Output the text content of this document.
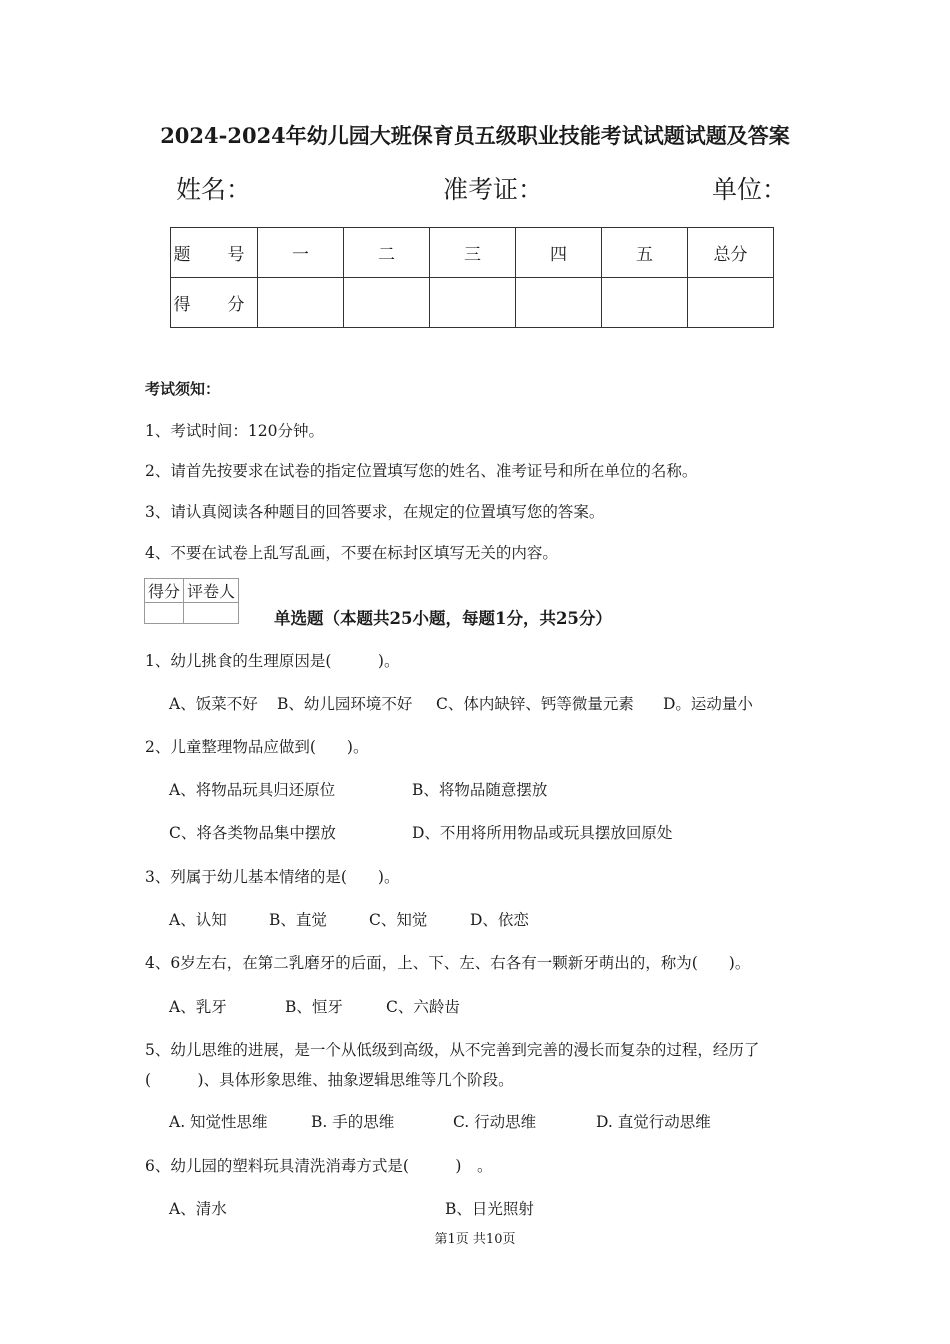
2024-2024年幼儿园大班保育员五级职业技能考试试题试题及答案
姓名：	准考证：	单位：
题　号	一	二	三	四	五	总分
得　分						
考试须知：
1、考试时间：120分钟。
2、请首先按要求在试卷的指定位置填写您的姓名、准考证号和所在单位的名称。
3、请认真阅读各种题目的回答要求，在规定的位置填写您的答案。
4、不要在试卷上乱写乱画，不要在标封区填写无关的内容。
得分	评卷人

单选题（本题共25小题，每题1分，共25分）
1、幼儿挑食的生理原因是(　　　)。
A、饭菜不好 B、幼儿园环境不好 C、体内缺锌、钙等微量元素 D。运动量小
2、儿童整理物品应做到(　　)。
A、将物品玩具归还原位	B、将物品随意摆放
C、将各类物品集中摆放	D、不用将所用物品或玩具摆放回原处
3、列属于幼儿基本情绪的是(　　)。
A、认知	B、直觉	C、知觉	D、依恋
4、6岁左右，在第二乳磨牙的后面，上、下、左、右各有一颗新牙萌出的，称为(　　)。
A、乳牙	B、恒牙	C、六龄齿
5、幼儿思维的进展，是一个从低级到高级，从不完善到完善的漫长而复杂的过程，经历了
(　　　)、具体形象思维、抽象逻辑思维等几个阶段。
A. 知觉性思维	B. 手的思维	C. 行动思维	D. 直觉行动思维
6、幼儿园的塑料玩具清洗消毒方式是(　　　)　。
A、清水	B、日光照射
第1页 共10页
